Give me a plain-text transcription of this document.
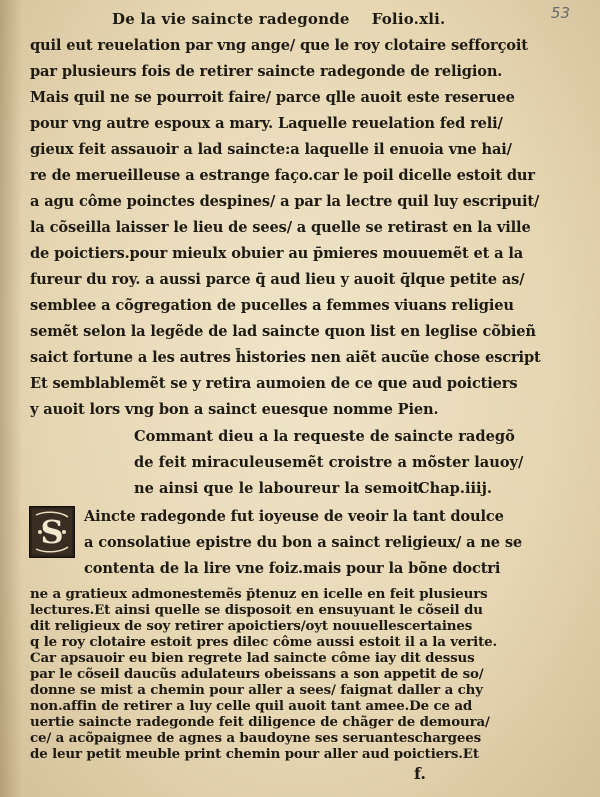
53
De la vie saincte radegonde Folio.xli.
quil eut reuelation par vng ange/ que le roy clotaire sefforçoit
par plusieurs fois de retirer saincte radegonde de religion.
Mais quil ne se pourroit faire/ parce qlle auoit este reseruee
pour vng autre espoux a mary. Laquelle reuelation fed reli/
gieux feit assauoir a lad saincte:a laquelle il enuoia vne hai/
re de merueilleuse a estrange faço.car le poil dicelle estoit dur
a agu côme poinctes despines/ a par la lectre quil luy escripuit/
la cõseilla laisser le lieu de sees/ a quelle se retirast en la ville
de poictiers.pour mieulx obuier au p̄mieres mouuemẽt et a la
fureur du roy. a aussi parce q̄ aud lieu y auoit q̄lque petite as/
semblee a cõgregation de pucelles a femmes viuans religieu
semẽt selon la legẽde de lad saincte quon list en leglise cõbieñ
saict fortune a les autres h̄istories nen aiẽt aucũe chose escript
Et semblablemẽt se y retira aumoien de ce que aud poictiers
y auoit lors vng bon a sainct euesque nomme Pien.
Commant dieu a la requeste de saincte radegõ
de feit miraculeusemẽt croistre a mõster lauoy/
ne ainsi que le laboureur la semoit.
Chap.iiij.
S Aincte radegonde fut ioyeuse de veoir la tant doulce
a consolatiue epistre du bon a sainct religieux/ a ne se
contenta de la lire vne foiz.mais pour la bõne doctri
f.
ne a gratieux admonestemẽs p̄tenuz en icelle en feit plusieurs
lectures.Et ainsi quelle se disposoit en ensuyuant le cõseil du
dit religieux de soy retirer apoictiers/oyt nouuellescertaines
q le roy clotaire estoit pres dilec côme aussi estoit il a la verite.
Car apsauoir eu bien regrete lad saincte côme iay dit dessus
par le cõseil daucũs adulateurs obeissans a son appetit de so/
donne se mist a chemin pour aller a sees/ faignat daller a chy
non.affin de retirer a luy celle quil auoit tant amee.De ce ad
uertie saincte radegonde feit diligence de chãger de demoura/
ce/ a acõpaignee de agnes a baudoyne ses seruanteschargees
de leur petit meuble print chemin pour aller aud poictiers.Et
